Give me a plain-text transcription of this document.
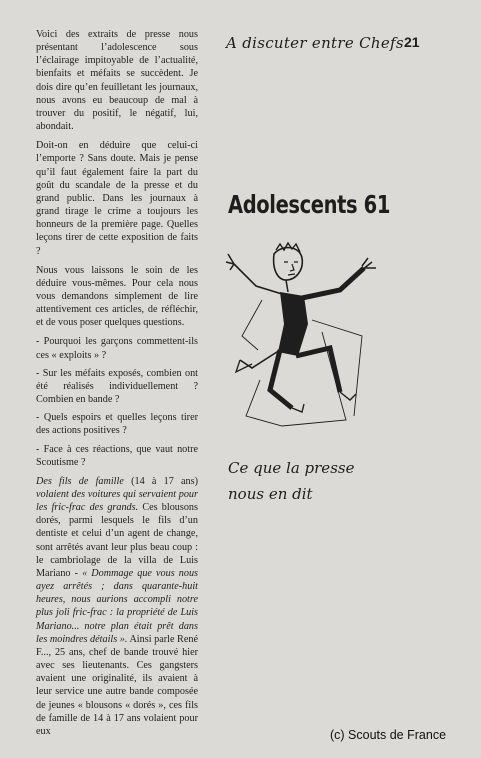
Voici des extraits de presse nous présentant l’adolescence sous l’éclairage impitoyable de l’actualité, bienfaits et méfaits se succèdent. Je dois dire qu’en feuilletant les journaux, nous avons eu beaucoup de mal à trouver du positif, le négatif, lui, abondait.

Doit-on en déduire que celui-ci l’emporte ? Sans doute. Mais je pense qu’il faut également faire la part du goût du scandale de la presse et du grand public. Dans les journaux à grand tirage le crime a toujours les honneurs de la première page. Quelles leçons tirer de cette exposition de faits ?

Nous vous laissons le soin de les déduire vous-mêmes. Pour cela nous vous demandons simplement de lire attentivement ces articles, de réfléchir, et de vous poser quelques questions.

- Pourquoi les garçons commettent-ils ces « exploits » ?

- Sur les méfaits exposés, combien ont été réalisés individuellement ? Combien en bande ?

- Quels espoirs et quelles leçons tirer des actions positives ?

- Face à ces réactions, que vaut notre Scoutisme ?

Des fils de famille (14 à 17 ans) volaient des voitures qui servaient pour les fric-frac des grands. Ces blousons dorés, parmi lesquels le fils d’un dentiste et celui d’un agent de change, sont arrêtés avant leur plus beau coup : le cambriolage de la villa de Luis Mariano - « Dommage que vous nous ayez arrêtés ; dans quarante-huit heures, nous aurions accompli notre plus joli fric-frac : la propriété de Luis Mariano... notre plan était prêt dans les moindres détails ». Ainsi parle René F..., 25 ans, chef de bande trouvé hier avec ses lieutenants. Ces gangsters avaient une originalité, ils avaient à leur service une autre bande composée de jeunes « blousons « dorés », ces fils de famille de 14 à 17 ans volaient pour eux

A discuter entre Chefs 21
Adolescents 61
Ce que la presse
nous en dit
(c) Scouts de France
